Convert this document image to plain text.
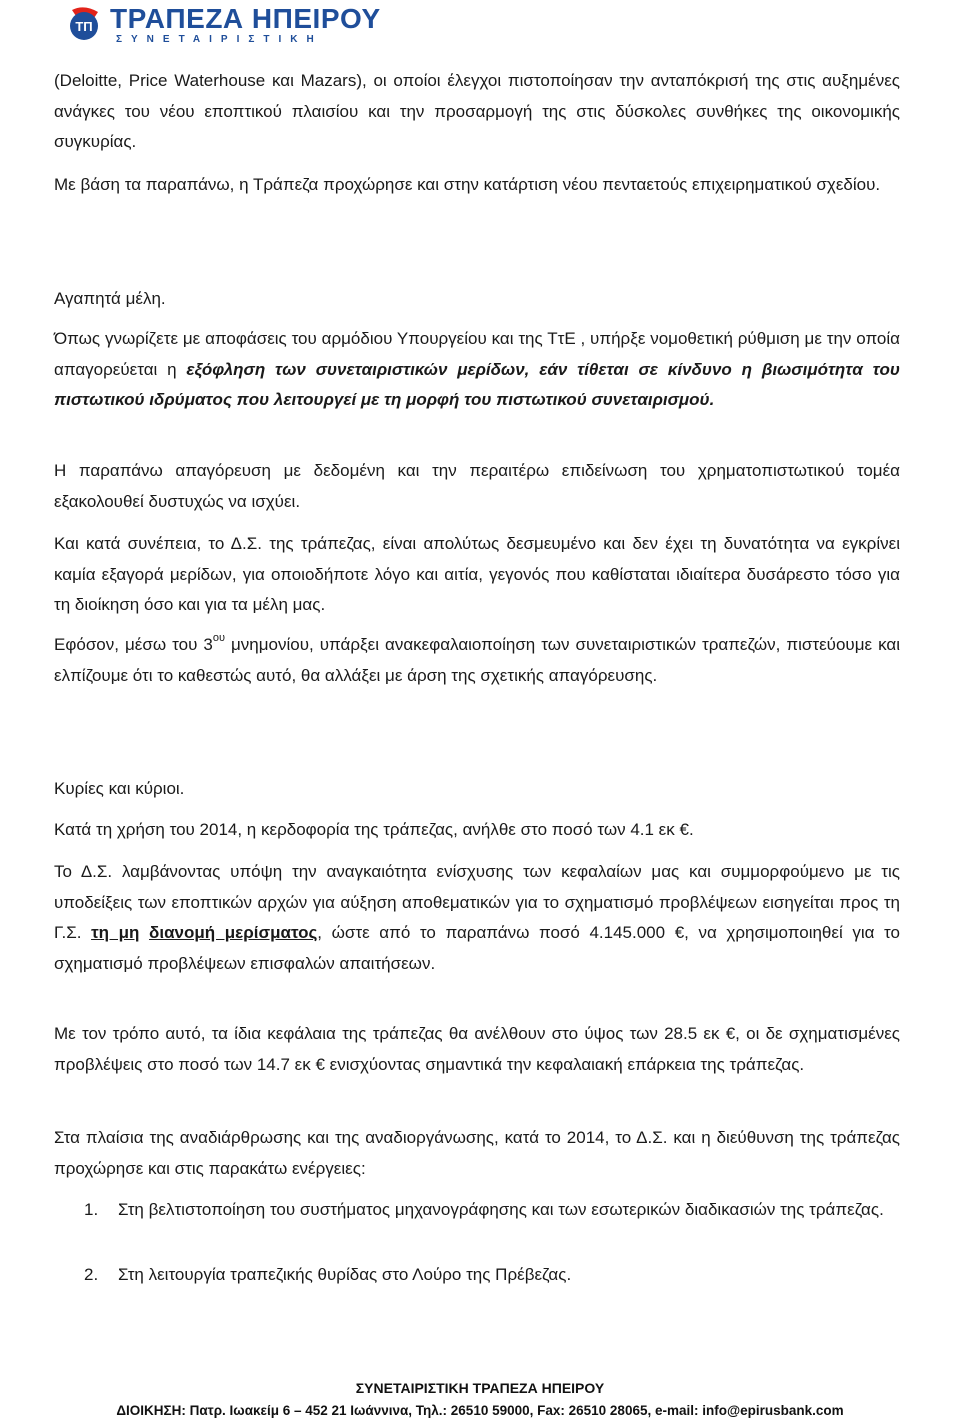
TΠ ΤΡΑΠΕΖΑ ΗΠΕΙΡΟΥ
ΣΥΝΕΤΑΙΡΙΣΤΙΚΗ

(Deloitte, Price Waterhouse και Mazars), οι οποίοι έλεγχοι πιστοποίησαν την ανταπόκρισή της στις αυξημένες ανάγκες του νέου εποπτικού πλαισίου και την προσαρμογή της στις δύσκολες συνθήκες της οικονομικής συγκυρίας.

Με βάση τα παραπάνω, η Τράπεζα προχώρησε και στην κατάρτιση νέου πενταετούς επιχειρηματικού σχεδίου.

Αγαπητά μέλη.

Όπως γνωρίζετε με αποφάσεις του αρμόδιου Υπουργείου και της ΤτΕ , υπήρξε νομοθετική ρύθμιση με την οποία απαγορεύεται η εξόφληση των συνεταιριστικών μερίδων, εάν τίθεται σε κίνδυνο η βιωσιμότητα του πιστωτικού ιδρύματος που λειτουργεί με τη μορφή του πιστωτικού συνεταιρισμού.

Η παραπάνω απαγόρευση με δεδομένη και την περαιτέρω επιδείνωση του χρηματοπιστωτικού τομέα εξακολουθεί δυστυχώς να ισχύει.

Και κατά συνέπεια, το Δ.Σ. της τράπεζας, είναι απολύτως δεσμευμένο και δεν έχει τη δυνατότητα να εγκρίνει καμία εξαγορά μερίδων, για οποιοδήποτε λόγο και αιτία, γεγονός που καθίσταται ιδιαίτερα δυσάρεστο τόσο για τη διοίκηση όσο και για τα μέλη μας.

Εφόσον, μέσω του $3^{o\upsilon}$ μνημονίου, υπάρξει ανακεφαλαιοποίηση των συνεταιριστικών τραπεζών, πιστεύουμε και ελπίζουμε ότι το καθεστώς αυτό, θα αλλάξει με άρση της σχετικής απαγόρευσης.

Κυρίες και κύριοι.

Κατά τη χρήση του 2014, η κερδοφορία της τράπεζας, ανήλθε στο ποσό των 4.1 εκ €.

Το Δ.Σ. λαμβάνοντας υπόψη την αναγκαιότητα ενίσχυσης των κεφαλαίων μας και συμμορφούμενο με τις υποδείξεις των εποπτικών αρχών για αύξηση αποθεματικών για το σχηματισμό προβλέψεων εισηγείται προς τη Γ.Σ. τη μη διανομή μερίσματος, ώστε από το παραπάνω ποσό 4.145.000 €, να χρησιμοποιηθεί για το σχηματισμό προβλέψεων επισφαλών απαιτήσεων.

Με τον τρόπο αυτό, τα ίδια κεφάλαια της τράπεζας θα ανέλθουν στο ύψος των 28.5 εκ €, οι δε σχηματισμένες προβλέψεις στο ποσό των 14.7 εκ € ενισχύοντας σημαντικά την κεφαλαιακή επάρκεια της τράπεζας.

Στα πλαίσια της αναδιάρθρωσης και της αναδιοργάνωσης, κατά το 2014, το Δ.Σ. και η διεύθυνση της τράπεζας προχώρησε και στις παρακάτω ενέργειες:

1. Στη βελτιστοποίηση του συστήματος μηχανογράφησης και των εσωτερικών διαδικασιών της τράπεζας.
2. Στη λειτουργία τραπεζικής θυρίδας στο Λούρο της Πρέβεζας.
ΣΥΝΕΤΑΙΡΙΣΤΙΚΗ ΤΡΑΠΕΖΑ ΗΠΕΙΡΟΥ
ΔΙΟΙΚΗΣΗ: Πατρ. Ιωακείμ 6 – 452 21 Ιωάννινα, Τηλ.: 26510 59000, Fax: 26510 28065, e-mail: info@epirusbank.com
